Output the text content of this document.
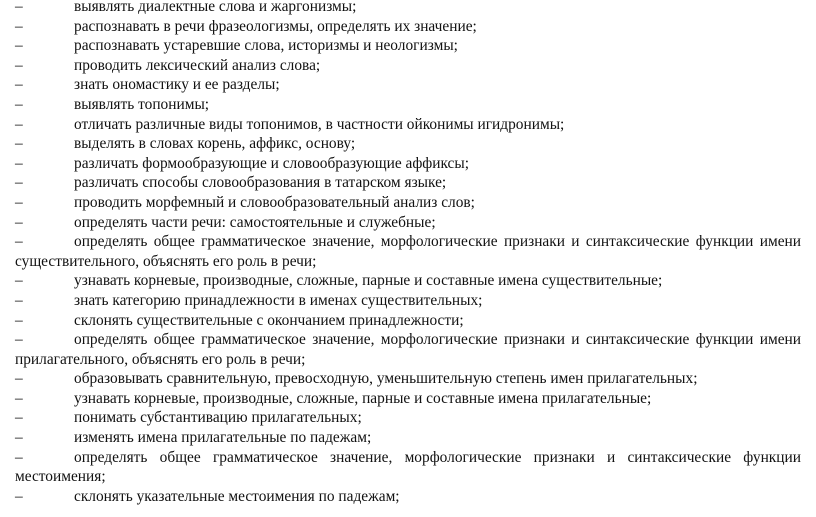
–	выявлять диалектные слова и жаргонизмы;
–	распознавать в речи фразеологизмы, определять их значение;
–	распознавать устаревшие слова, историзмы и неологизмы;
–	проводить лексический анализ слова;
–	знать ономастику и ее разделы;
–	выявлять топонимы;
–	отличать различные виды топонимов, в частности ойконимы игидронимы;
–	выделять в словах корень, аффикс, основу;
–	различать формообразующие и словообразующие аффиксы;
–	различать способы словообразования в татарском языке;
–	проводить морфемный и словообразовательный анализ слов;
–	определять части речи: самостоятельные и служебные;
–	определять общее грамматическое значение, морфологические признаки и синтаксические функции имени существительного, объяснять его роль в речи;
–	узнавать корневые, производные, сложные, парные и составные имена существительные;
–	знать категорию принадлежности в именах существительных;
–	склонять существительные с окончанием принадлежности;
–	определять общее грамматическое значение, морфологические признаки и синтаксические функции имени прилагательного, объяснять его роль в речи;
–	образовывать сравнительную, превосходную, уменьшительную степень имен прилагательных;
–	узнавать корневые, производные, сложные, парные и составные имена прилагательные;
–	понимать субстантивацию прилагательных;
–	изменять имена прилагательные по падежам;
–	определять общее грамматическое значение, морфологические признаки и синтаксические функции местоимения;
–	склонять указательные местоимения по падежам;
